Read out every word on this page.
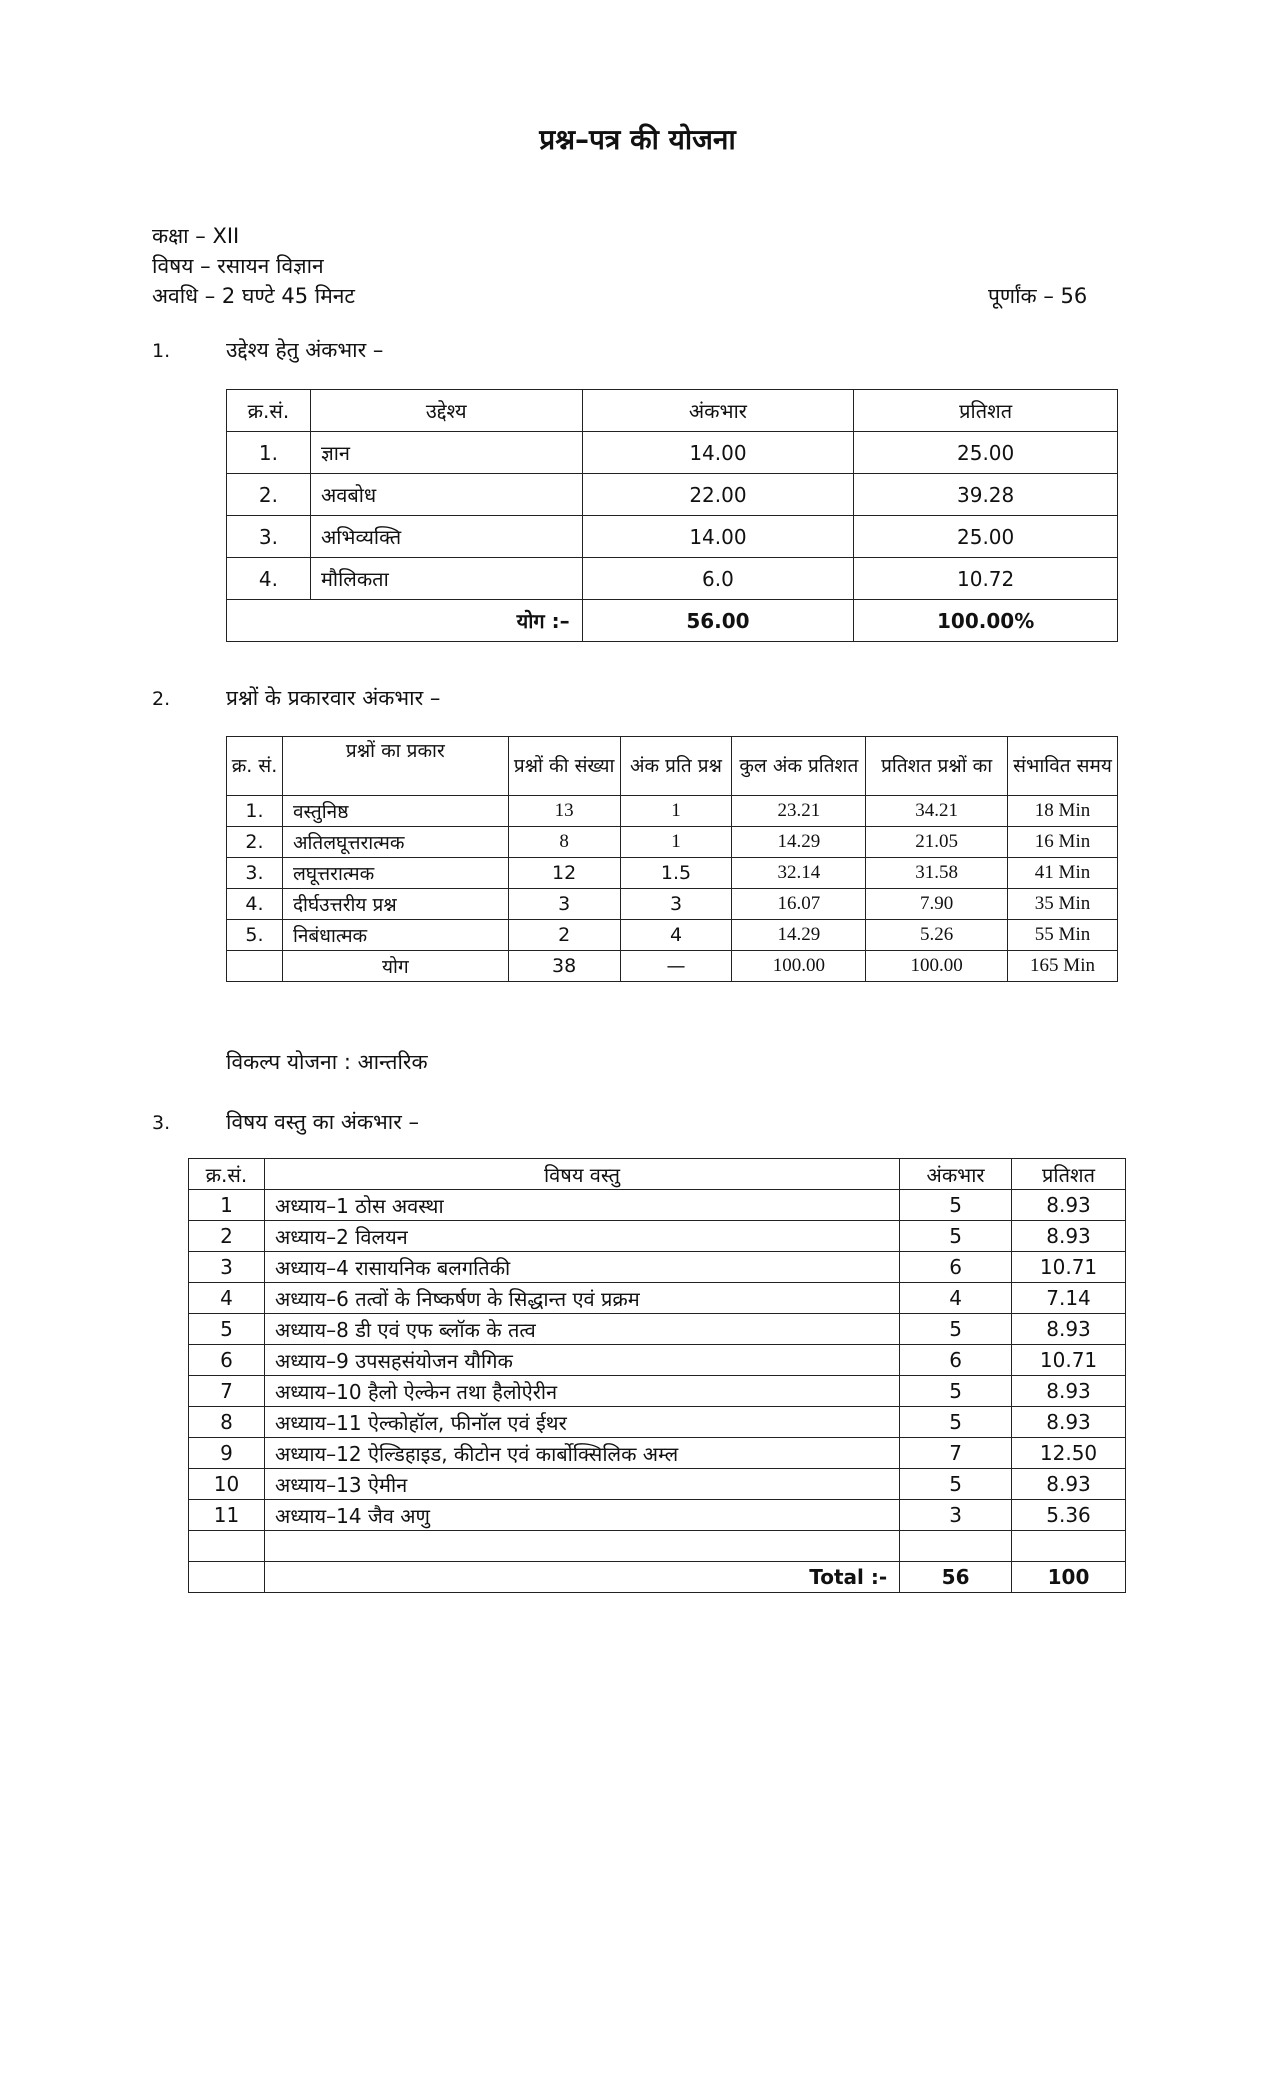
प्रश्न–पत्र की योजना
कक्षा – XII
विषय – रसायन विज्ञान
अवधि – 2 घण्टे 45 मिनट	पूर्णांक – 56
1.	उद्देश्य हेतु अंकभार –
क्र.सं.	उद्देश्य	अंकभार	प्रतिशत
1.	ज्ञान	14.00	25.00
2.	अवबोध	22.00	39.28
3.	अभिव्यक्ति	14.00	25.00
4.	मौलिकता	6.0	10.72
योग :–		56.00	100.00%
2.	प्रश्नों के प्रकारवार अंकभार –
क्र. सं.	प्रश्नों का प्रकार	प्रश्नों की संख्या	अंक प्रति प्रश्न	कुल अंक प्रतिशत	प्रतिशत प्रश्नों का	संभावित समय
1.	वस्तुनिष्ठ	13	1	23.21	34.21	18 Min
2.	अतिलघूत्तरात्मक	8	1	14.29	21.05	16 Min
3.	लघूत्तरात्मक	12	1.5	32.14	31.58	41 Min
4.	दीर्घउत्तरीय प्रश्न	3	3	16.07	7.90	35 Min
5.	निबंधात्मक	2	4	14.29	5.26	55 Min
	योग	38	—	100.00	100.00	165 Min
विकल्प योजना : आन्तरिक
3.	विषय वस्तु का अंकभार –
क्र.सं.	विषय वस्तु	अंकभार	प्रतिशत
1	अध्याय–1 ठोस अवस्था	5	8.93
2	अध्याय–2 विलयन	5	8.93
3	अध्याय–4 रासायनिक बलगतिकी	6	10.71
4	अध्याय–6 तत्वों के निष्कर्षण के सिद्धान्त एवं प्रक्रम	4	7.14
5	अध्याय–8 डी एवं एफ ब्लॉक के तत्व	5	8.93
6	अध्याय–9 उपसहसंयोजन यौगिक	6	10.71
7	अध्याय–10 हैलो ऐल्केन तथा हैलोऐरीन	5	8.93
8	अध्याय–11 ऐल्कोहॉल, फीनॉल एवं ईथर	5	8.93
9	अध्याय–12 ऐल्डिहाइड, कीटोन एवं कार्बोक्सिलिक अम्ल	7	12.50
10	अध्याय–13 ऐमीन	5	8.93
11	अध्याय–14 जैव अणु	3	5.36

	Total :-	56	100
